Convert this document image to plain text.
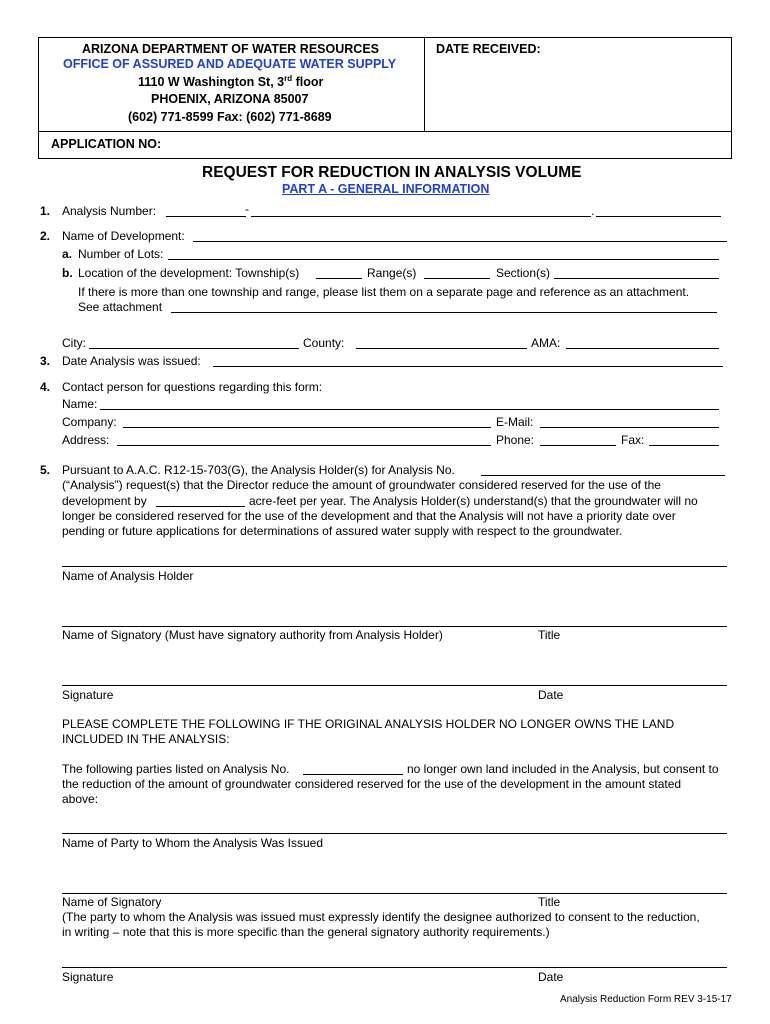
ARIZONA DEPARTMENT OF WATER RESOURCES
OFFICE OF ASSURED AND ADEQUATE WATER SUPPLY
1110 W Washington St, 3rd floor
PHOENIX, ARIZONA 85007
(602) 771-8599 Fax: (602) 771-8689
DATE RECEIVED:
APPLICATION NO:
REQUEST FOR REDUCTION IN ANALYSIS VOLUME
PART A - GENERAL INFORMATION
1. Analysis Number:	-	.
2. Name of Development:
a. Number of Lots:
b. Location of the development: Township(s)	Range(s)	Section(s)
If there is more than one township and range, please list them on a separate page and reference as an attachment.
See attachment
City:	County:	AMA:
3. Date Analysis was issued:
4. Contact person for questions regarding this form:
Name:
Company:	E-Mail:
Address:	Phone:	Fax:
5. Pursuant to A.A.C. R12-15-703(G), the Analysis Holder(s) for Analysis No.
(“Analysis”) request(s) that the Director reduce the amount of groundwater considered reserved for the use of the
development by	acre-feet per year. The Analysis Holder(s) understand(s) that the groundwater will no
longer be considered reserved for the use of the development and that the Analysis will not have a priority date over
pending or future applications for determinations of assured water supply with respect to the groundwater.
Name of Analysis Holder
Name of Signatory (Must have signatory authority from Analysis Holder)	Title
Signature	Date
PLEASE COMPLETE THE FOLLOWING IF THE ORIGINAL ANALYSIS HOLDER NO LONGER OWNS THE LAND
INCLUDED IN THE ANALYSIS:
The following parties listed on Analysis No.	no longer own land included in the Analysis, but consent to
the reduction of the amount of groundwater considered reserved for the use of the development in the amount stated
above:
Name of Party to Whom the Analysis Was Issued
Name of Signatory	Title
(The party to whom the Analysis was issued must expressly identify the designee authorized to consent to the reduction,
in writing – note that this is more specific than the general signatory authority requirements.)
Signature	Date
Analysis Reduction Form REV 3-15-17
